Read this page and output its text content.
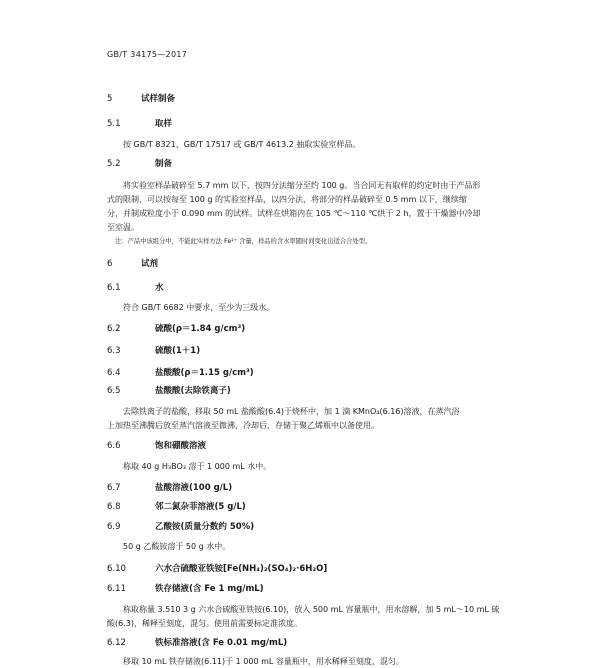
GB/T 34175—2017
5	试样制备
5.1	取样
按 GB/T 8321、GB/T 17517 或 GB/T 4613.2 抽取实验室样品。
5.2	制备
将实验室样品破碎至 5.7 mm 以下，按四分法缩分至约 100 g。当合同无有取样的约定时由于产品形
式的限制，可以按每至 100 g 的实验室样品，以四分法，将部分的样品破碎至 0.5 mm 以下，继续缩
分，并制成粒度小于 0.090 mm 的试样。试样在烘箱内在 105 ℃～110 ℃烘干 2 h，置于干燥器中冷却
至室温。
注：产品中该组分中，不能此实样方法 Fe²⁺ 含量，样品的含水率随时间变化出适合合处型。
6	试剂
6.1	水
符合 GB/T 6682 中要求，至少为三级水。
6.2	硫酸(ρ＝1.84 g/cm³)
6.3	硫酸(1＋1)
6.4	盐酸酸(ρ＝1.15 g/cm³)
6.5	盐酸酸(去除铁离子)
去除铁离子的盐酸，移取 50 mL 盐酸酸(6.4)于烧杯中，加 1 滴 KMnO₄(6.16)溶液，在蒸汽浴
上加热至沸腾后放至蒸汽溶液至微沸，冷却后，存储于聚乙烯瓶中以备使用。
6.6	饱和硼酸溶液
称取 40 g H₃BO₃ 溶于 1 000 mL 水中。
6.7	盐酸溶液(100 g/L)
6.8	邻二氮杂菲溶液(5 g/L)
6.9	乙酸铵(质量分数约 50%)
50 g 乙酸铵溶于 50 g 水中。
6.10	六水合硫酸亚铁铵[Fe(NH₄)₂(SO₄)₂·6H₂O]
6.11	铁存储液(含 Fe 1 mg/mL)
称取称量 3.510 3 g 六水合硫酸亚铁铵(6.10)，放入 500 mL 容量瓶中，用水溶解，加 5 mL～10 mL 硫
酸(6.3)，稀释至刻度，混匀。使用前需要标定准浓度。
6.12	铁标准溶液(含 Fe 0.01 mg/mL)
移取 10 mL 铁存储液(6.11)于 1 000 mL 容量瓶中，用水稀释至刻度，混匀。
